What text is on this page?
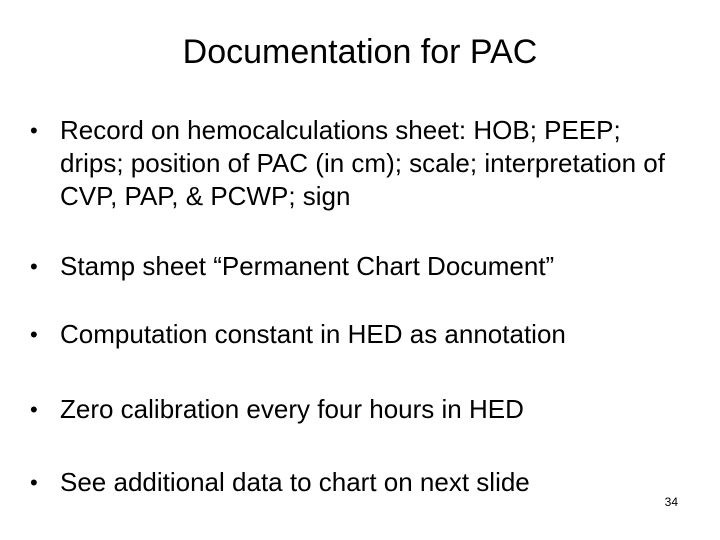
Documentation for PAC
• Record on hemocalculations sheet: HOB; PEEP; drips; position of PAC (in cm); scale; interpretation of CVP, PAP, & PCWP; sign
• Stamp sheet “Permanent Chart Document”
• Computation constant in HED as annotation
• Zero calibration every four hours in HED
• See additional data to chart on next slide
34
